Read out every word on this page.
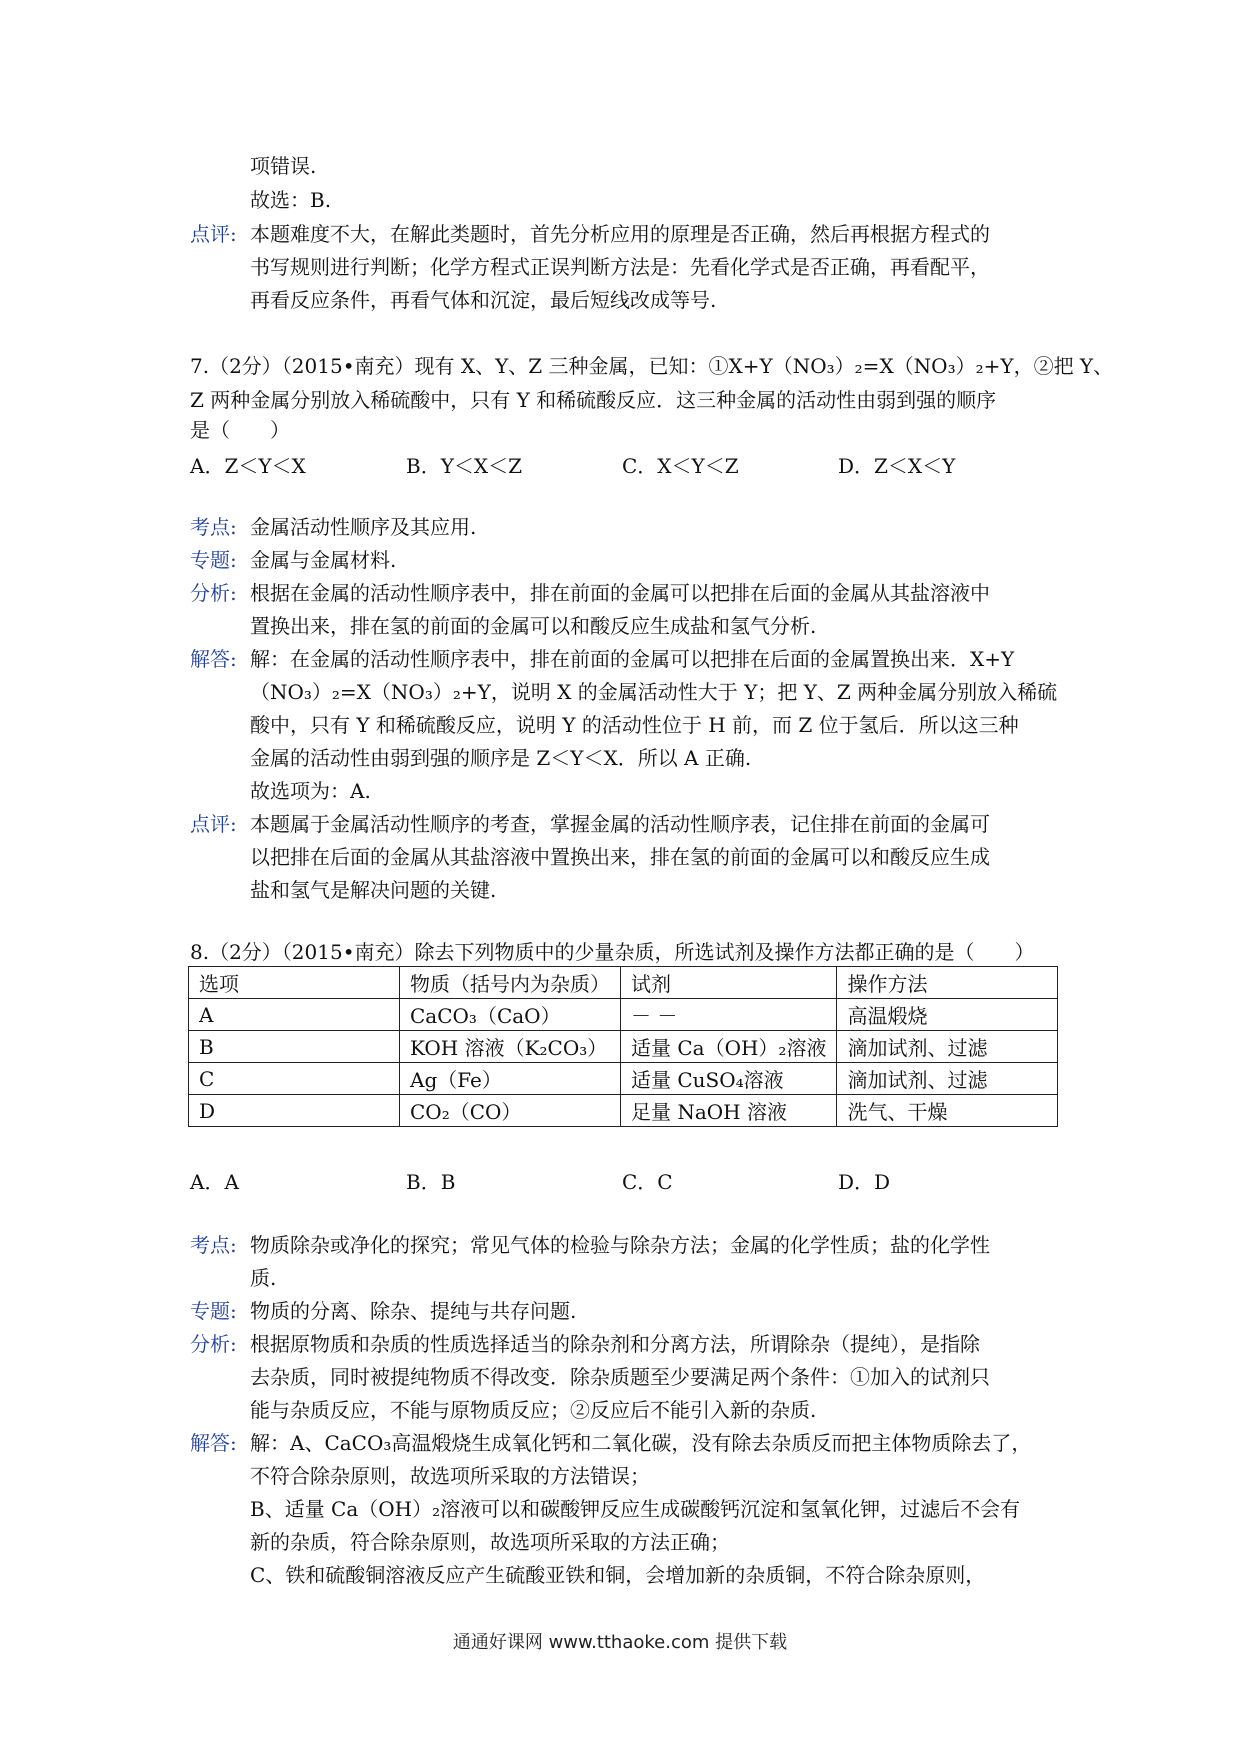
项错误.
故选：B.
点评: 本题难度不大，在解此类题时，首先分析应用的原理是否正确，然后再根据方程式的
书写规则进行判断；化学方程式正误判断方法是：先看化学式是否正确，再看配平，
再看反应条件，再看气体和沉淀，最后短线改成等号.
7.（2分）（2015•南充）现有 X、Y、Z 三种金属，已知：①X+Y（NO₃）₂=X（NO₃）₂+Y，②把 Y、
Z 两种金属分别放入稀硫酸中，只有 Y 和稀硫酸反应．这三种金属的活动性由弱到强的顺序
是（　　）
A．Z＜Y＜X	B．Y＜X＜Z	C．X＜Y＜Z	D．Z＜X＜Y
考点: 金属活动性顺序及其应用.
专题: 金属与金属材料.
分析: 根据在金属的活动性顺序表中，排在前面的金属可以把排在后面的金属从其盐溶液中
置换出来，排在氢的前面的金属可以和酸反应生成盐和氢气分析.
解答: 解：在金属的活动性顺序表中，排在前面的金属可以把排在后面的金属置换出来．X+Y
（NO₃）₂=X（NO₃）₂+Y，说明 X 的金属活动性大于 Y；把 Y、Z 两种金属分别放入稀硫
酸中，只有 Y 和稀硫酸反应，说明 Y 的活动性位于 H 前，而 Z 位于氢后．所以这三种
金属的活动性由弱到强的顺序是 Z＜Y＜X．所以 A 正确.
故选项为：A.
点评: 本题属于金属活动性顺序的考查，掌握金属的活动性顺序表，记住排在前面的金属可
以把排在后面的金属从其盐溶液中置换出来，排在氢的前面的金属可以和酸反应生成
盐和氢气是解决问题的关键.
8.（2分）（2015•南充）除去下列物质中的少量杂质，所选试剂及操作方法都正确的是（　　）
选项	物质（括号内为杂质）	试剂	操作方法
A	CaCO₃（CaO）	－ －	高温煅烧
B	KOH 溶液（K₂CO₃）	适量 Ca（OH）₂溶液	滴加试剂、过滤
C	Ag（Fe）	适量 CuSO₄溶液	滴加试剂、过滤
D	CO₂（CO）	足量 NaOH 溶液	洗气、干燥
A．A	B．B	C．C	D．D
考点: 物质除杂或净化的探究；常见气体的检验与除杂方法；金属的化学性质；盐的化学性
质.
专题: 物质的分离、除杂、提纯与共存问题.
分析: 根据原物质和杂质的性质选择适当的除杂剂和分离方法，所谓除杂（提纯），是指除
去杂质，同时被提纯物质不得改变．除杂质题至少要满足两个条件：①加入的试剂只
能与杂质反应，不能与原物质反应；②反应后不能引入新的杂质.
解答: 解：A、CaCO₃高温煅烧生成氧化钙和二氧化碳，没有除去杂质反而把主体物质除去了，
不符合除杂原则，故选项所采取的方法错误；
B、适量 Ca（OH）₂溶液可以和碳酸钾反应生成碳酸钙沉淀和氢氧化钾，过滤后不会有
新的杂质，符合除杂原则，故选项所采取的方法正确；
C、铁和硫酸铜溶液反应产生硫酸亚铁和铜，会增加新的杂质铜，不符合除杂原则，
通通好课网 www.tthaoke.com 提供下载
